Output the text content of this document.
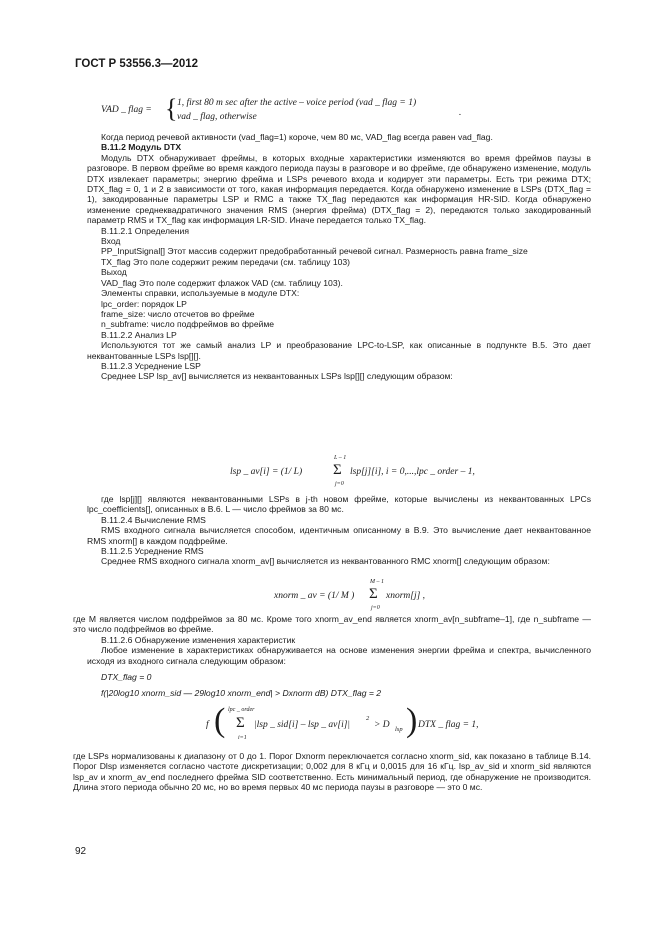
ГОСТ Р 53556.3—2012
VAD _ flag = { 1, first 80 m sec after the active – voice period (vad _ flag = 1)
vad _ flag, otherwise	.

Когда период речевой активности (vad_flag=1) короче, чем 80 мс, VAD_flag всегда равен vad_flag.

B.11.2 Модуль DTX

Модуль DTX обнаруживает фреймы, в которых входные характеристики изменяются во время фреймов паузы в разговоре. В первом фрейме во время каждого периода паузы в разговоре и во фрейме, где обнаружено изменение, модуль DTX извлекает параметры; энергию фрейма и LSPs речевого входа и кодирует эти параметры. Есть три режима DTX; DTX_flag = 0, 1 и 2 в зависимости от того, какая информация передается. Когда обнаружено изменение в LSPs (DTX_flag = 1), закодированные параметры LSP и RMC а также TX_flag передаются как информация HR-SID. Когда обнаружено изменение среднеквадратичного значения RMS (энергия фрейма) (DTX_flag = 2), передаются только закодированный параметр RMS и TX_flag как информация LR-SID. Иначе передается только TX_flag.

B.11.2.1 Определения

Вход

PP_InputSignal[] Этот массив содержит предобработанный речевой сигнал. Размерность равна frame_size

TX_flag Это поле содержит режим передачи (см. таблицу 103)

Выход

VAD_flag Это поле содержит флажок VAD (см. таблицу 103).

Элементы справки, используемые в модуле DTX:

lpc_order: порядок LP

frame_size: число отсчетов во фрейме

n_subframe: число подфреймов во фрейме

B.11.2.2 Анализ LP

Используются тот же самый анализ LP и преобразование LPC-to-LSP, как описанные в подпункте B.5. Это дает неквантованные LSPs lsp[][].

B.11.2.3 Усреднение LSP

Среднее LSP lsp_av[] вычисляется из неквантованных LSPs lsp[][] следующим образом:

lsp _ av[i] = (1/ L)
L – 1
Σ
j=0
lsp[j][i], i = 0,...,lpc _ order – 1,

где lsp[j][] являются неквантованными LSPs в j-th новом фрейме, которые вычислены из неквантованных LPCs lpc_coefficients[], описанных в B.6. L — число фреймов за 80 мс.

B.11.2.4 Вычисление RMS

RMS входного сигнала вычисляется способом, идентичным описанному в B.9. Это вычисление дает неквантованное RMS xnorm[] в каждом подфрейме.

B.11.2.5 Усреднение RMS

Среднее RMS входного сигнала xnorm_av[] вычисляется из неквантованного RMC xnorm[] следующим образом:

xnorm _ av = (1/ M )
M – 1
Σ
j=0
xnorm[j] ,

где M является числом подфреймов за 80 мс. Кроме того xnorm_av_end является xnorm_av[n_subframe–1], где n_subframe — это число подфреймов во фрейме.

B.11.2.6 Обнаружение изменения характеристик

Любое изменение в характеристиках обнаруживается на основе изменения энергии фрейма и спектра, вычисленного исходя из входного сигнала следующим образом:

DTX_flag = 0

f(|20log10 xnorm_sid — 29log10 xnorm_end| > Dxnorm dB) DTX_flag = 2

f ( lpc _ order
Σ
i=1
|lsp _ sid[i] – lsp _ av[i]|
2
> D lsp ) DTX _ flag = 1,

где LSPs нормализованы к диапазону от 0 до 1. Порог Dxnorm переключается согласно xnorm_sid, как показано в таблице B.14. Порог Dlsp изменяется согласно частоте дискретизации; 0,002 для 8 кГц и 0,0015 для 16 кГц. lsp_av_sid и xnorm_sid являются lsp_av и xnorm_av_end последнего фрейма SID соответственно. Есть минимальный период, где обнаружение не производится. Длина этого периода обычно 20 мс, но во время первых 40 мс периода паузы в разговоре — это 0 мс.

92
